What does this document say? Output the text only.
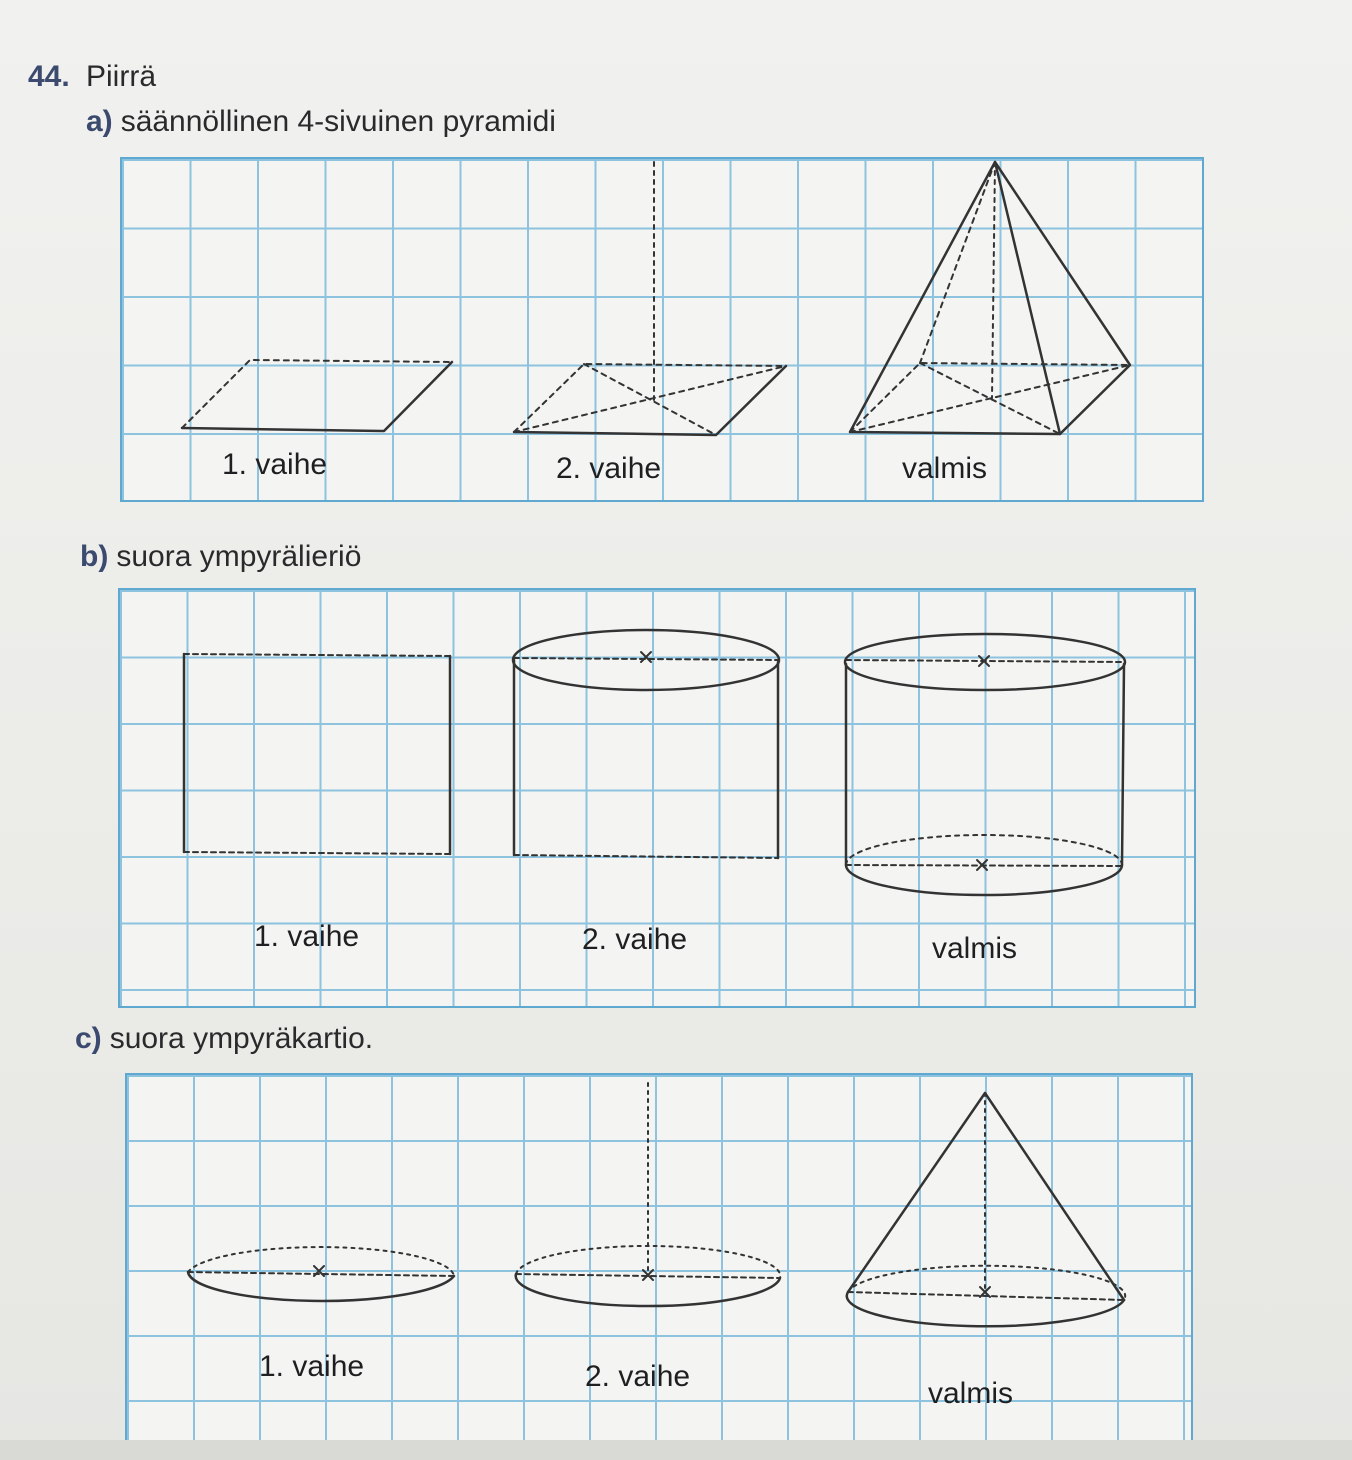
44. Piirrä
a) säännöllinen 4-sivuinen pyramidi
1. vaihe	2. vaihe	valmis
b) suora ympyrälieriö
1. vaihe	2. vaihe	valmis
c) suora ympyräkartio.
1. vaihe	2. vaihe
valmis
